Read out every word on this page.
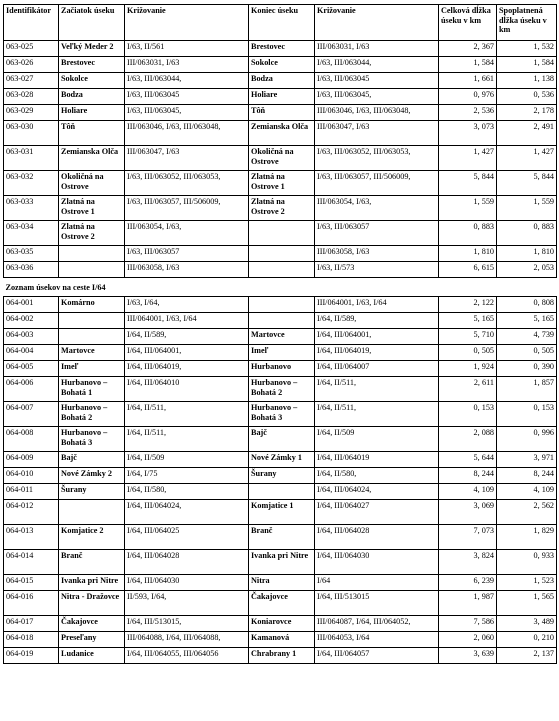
Identifikátor	Začiatok úseku	Križovanie	Koniec úseku	Križovanie	Celková dĺžka úseku v km	Spoplatnená dĺžka úseku v km
063-025	Veľký Meder 2	I/63, II/561	Brestovec	III/063031, I/63	2, 367	1, 532
063-026	Brestovec	III/063031, I/63	Sokolce	I/63, III/063044,	1, 584	1, 584
063-027	Sokolce	I/63, III/063044,	Bodza	I/63, III/063045	1, 661	1, 138
063-028	Bodza	I/63, III/063045	Holiare	I/63, III/063045,	0, 976	0, 536
063-029	Holiare	I/63, III/063045,	Tôň	III/063046, I/63, III/063048,	2, 536	2, 178
063-030	Tôň	III/063046, I/63, III/063048,	Zemianska Olča	III/063047, I/63	3, 073	2, 491
063-031	Zemianska Olča	III/063047, I/63	Okoličná na Ostrove	I/63, III/063052, III/063053,	1, 427	1, 427
063-032	Okoličná na Ostrove	I/63, III/063052, III/063053,	Zlatná na Ostrove 1	I/63, III/063057, III/506009,	5, 844	5, 844
063-033	Zlatná na Ostrove 1	I/63, III/063057, III/506009,	Zlatná na Ostrove 2	III/063054, I/63,	1, 559	1, 559
063-034	Zlatná na Ostrove 2	III/063054, I/63,		I/63, III/063057	0, 883	0, 883
063-035		I/63, III/063057		III/063058, I/63	1, 810	1, 810
063-036		III/063058, I/63		I/63, II/573	6, 615	2, 053

Zoznam úsekov na ceste I/64						
064-001	Komárno	I/63, I/64,		III/064001, I/63, I/64	2, 122	0, 808
064-002		III/064001, I/63, I/64		I/64, II/589,	5, 165	5, 165
064-003		I/64, II/589,	Martovce	I/64, III/064001,	5, 710	4, 739
064-004	Martovce	I/64, III/064001,	Imeľ	I/64, III/064019,	0, 505	0, 505
064-005	Imeľ	I/64, III/064019,	Hurbanovo	I/64, III/064007	1, 924	0, 390
064-006	Hurbanovo – Bohatá 1	I/64, III/064010	Hurbanovo – Bohatá 2	I/64, II/511,	2, 611	1, 857
064-007	Hurbanovo – Bohatá 2	I/64, II/511,	Hurbanovo – Bohatá 3	I/64, II/511,	0, 153	0, 153
064-008	Hurbanovo – Bohatá 3	I/64, II/511,	Bajč	I/64, II/509	2, 088	0, 996
064-009	Bajč	I/64, II/509	Nové Zámky 1	I/64, III/064019	5, 644	3, 971
064-010	Nové Zámky 2	I/64, I/75	Šurany	I/64, II/580,	8, 244	8, 244
064-011	Šurany	I/64, II/580,		I/64, III/064024,	4, 109	4, 109
064-012		I/64, III/064024,	Komjatice 1	I/64, III/064027	3, 069	2, 562
064-013	Komjatice 2	I/64, III/064025	Branč	I/64, III/064028	7, 073	1, 829
064-014	Branč	I/64, III/064028	Ivanka pri Nitre	I/64, III/064030	3, 824	0, 933
064-015	Ivanka pri Nitre	I/64, III/064030	Nitra	I/64	6, 239	1, 523
064-016	Nitra - Dražovce	II/593, I/64,	Čakajovce	I/64, III/513015	1, 987	1, 565
064-017	Čakajovce	I/64, III/513015,	Koniarovce	III/064087, I/64, III/064052,	7, 586	3, 489
064-018	Preseľany	III/064088, I/64, III/064088,	Kamanová	III/064053, I/64	2, 060	0, 210
064-019	Ludanice	I/64, III/064055, III/064056	Chrabrany 1	I/64, III/064057	3, 639	2, 137
